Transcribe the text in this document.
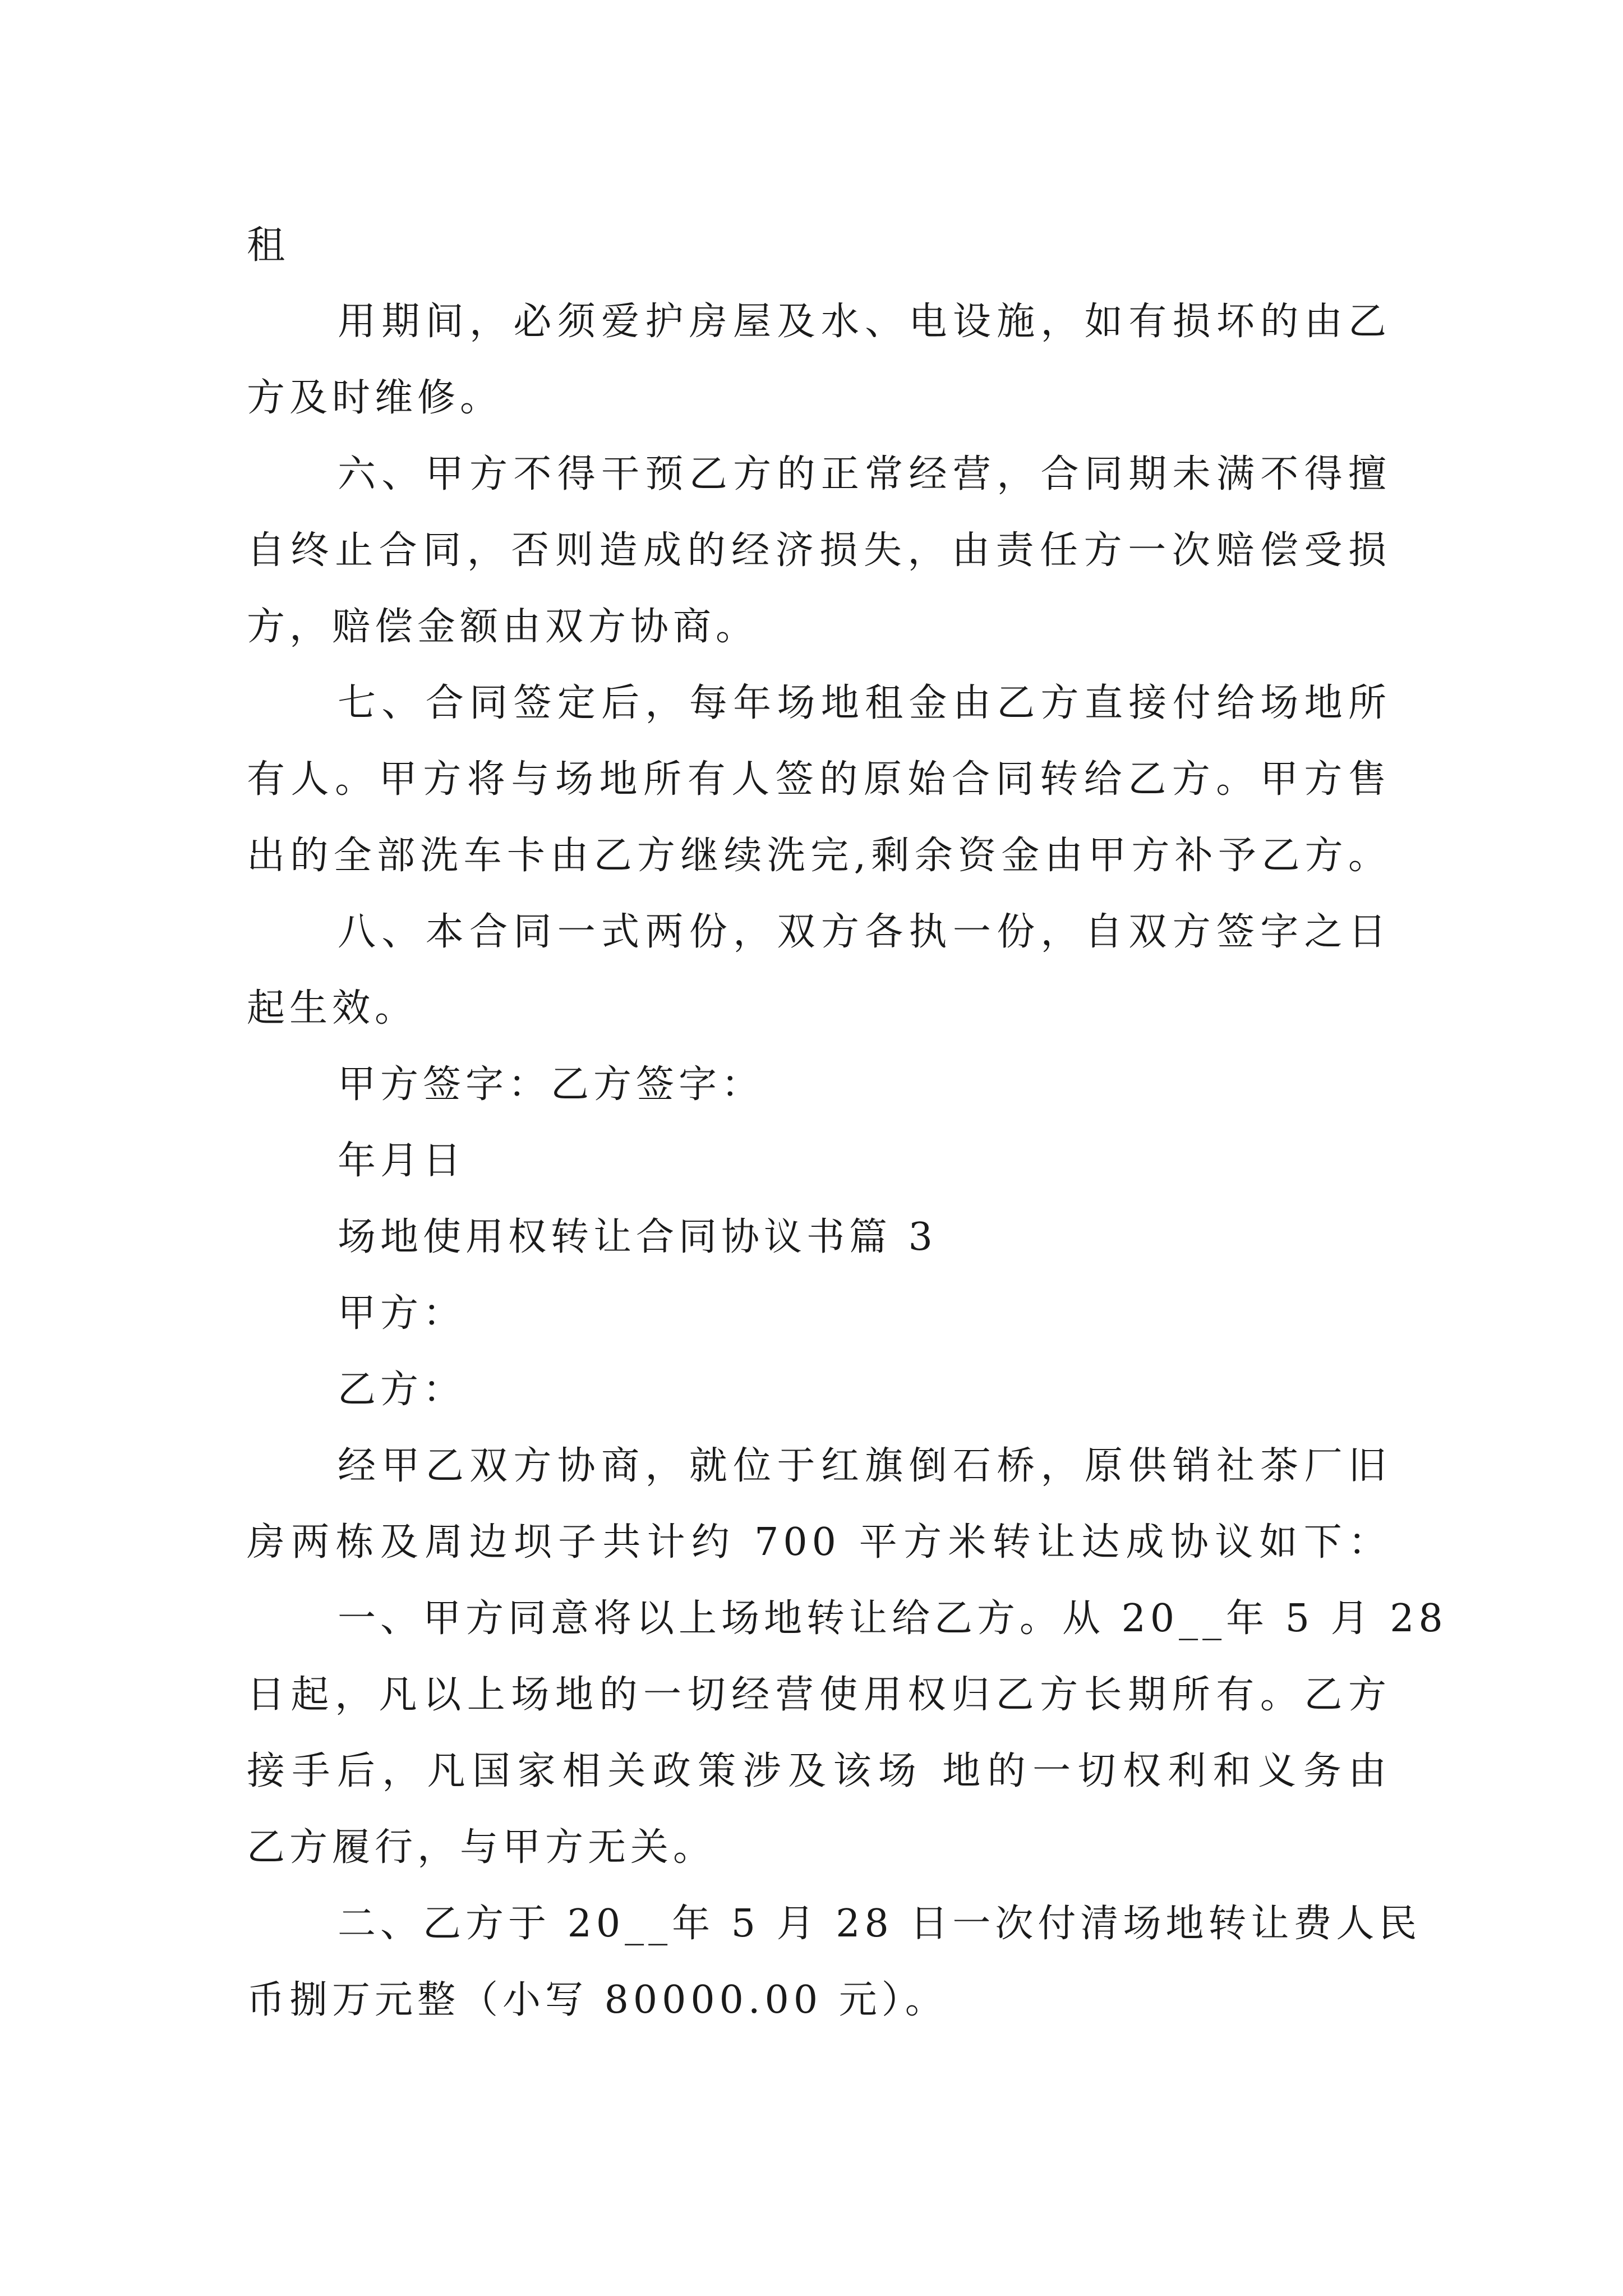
租
用期间，必须爱护房屋及水、电设施，如有损坏的由乙
方及时维修。
六、甲方不得干预乙方的正常经营，合同期未满不得擅
自终止合同，否则造成的经济损失，由责任方一次赔偿受损
方，赔偿金额由双方协商。
七、合同签定后，每年场地租金由乙方直接付给场地所
有人。甲方将与场地所有人签的原始合同转给乙方。甲方售
出的全部洗车卡由乙方继续洗完,剩余资金由甲方补予乙方。
八、本合同一式两份，双方各执一份，自双方签字之日
起生效。
甲方签字：乙方签字：
年月日
场地使用权转让合同协议书篇 3
甲方：
乙方：
经甲乙双方协商，就位于红旗倒石桥，原供销社茶厂旧
房两栋及周边坝子共计约 700 平方米转让达成协议如下：
一、甲方同意将以上场地转让给乙方。从 20__年 5 月 28
日起，凡以上场地的一切经营使用权归乙方长期所有。乙方
接手后，凡国家相关政策涉及该场 地的一切权利和义务由
乙方履行，与甲方无关。
二、乙方于 20__年 5 月 28 日一次付清场地转让费人民
币捌万元整（小写 80000.00 元）。
